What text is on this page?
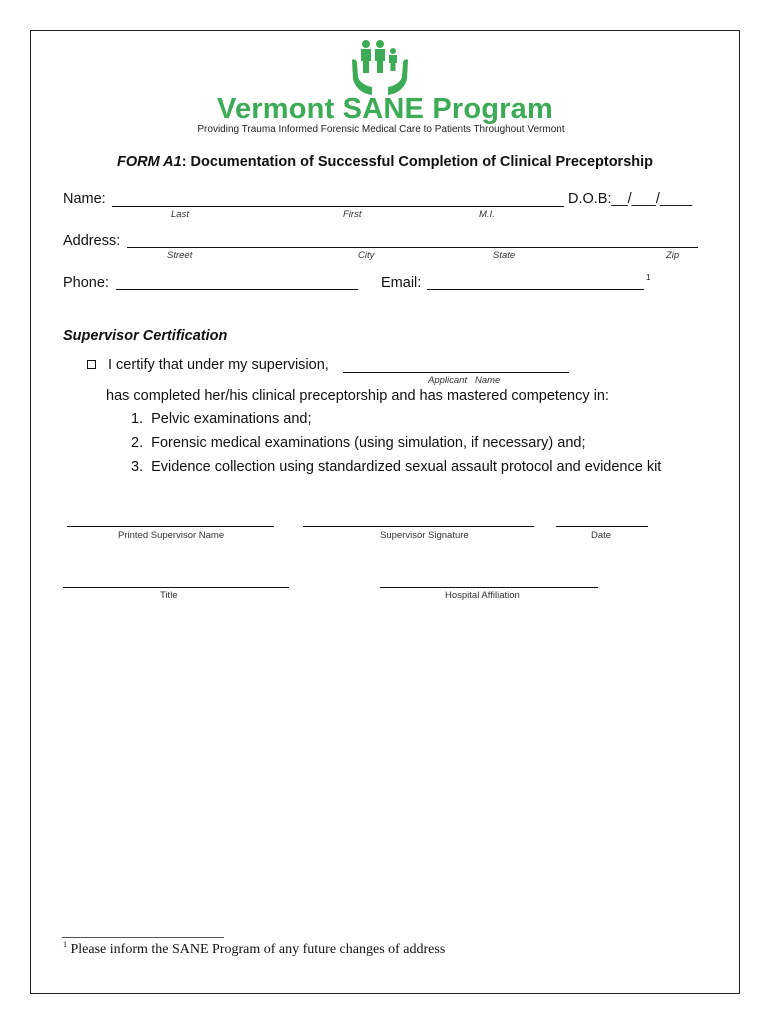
Vermont SANE Program
Providing Trauma Informed Forensic Medical Care to Patients Throughout Vermont
FORM A1: Documentation of Successful Completion of Clinical Preceptorship
Name:	D.O.B:__/___/____
Last	First	M.I.
Address:
Street	City	State	Zip
Phone:	Email:	1
Supervisor Certification
I certify that under my supervision,
Applicant   Name
has completed her/his clinical preceptorship and has mastered competency in:
1. Pelvic examinations and;
2. Forensic medical examinations (using simulation, if necessary) and;
3. Evidence collection using standardized sexual assault protocol and evidence kit
Printed Supervisor Name	Supervisor Signature	Date
Title	Hospital Affiliation
$^1$ Please inform the SANE Program of any future changes of address
